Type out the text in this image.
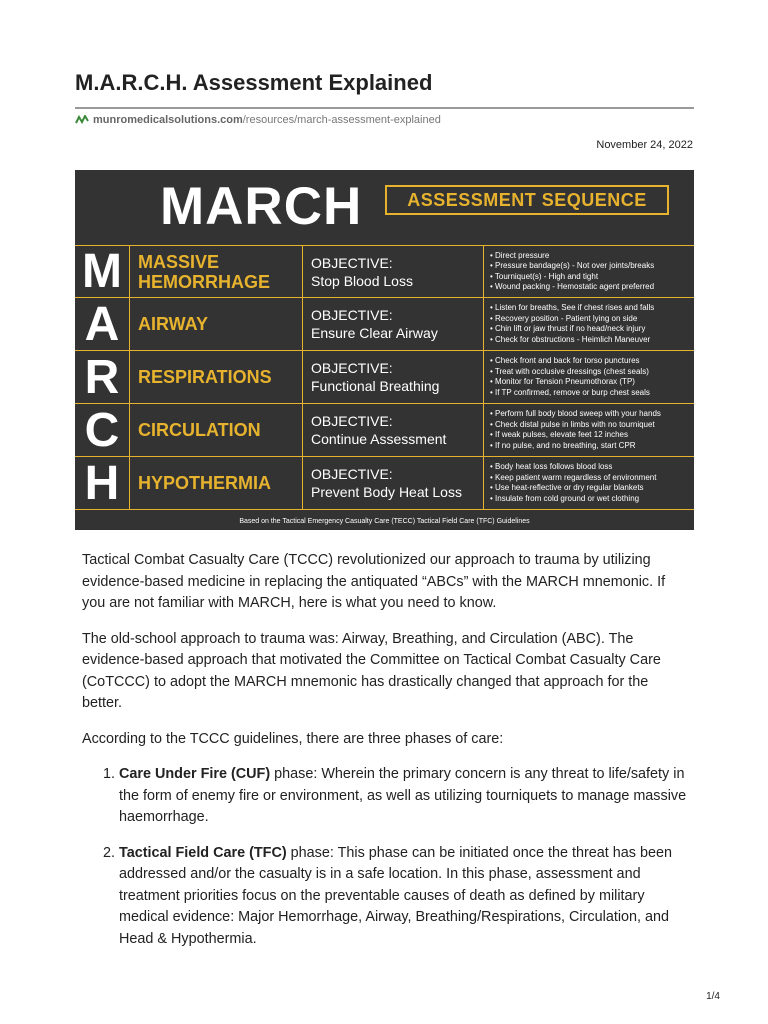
M.A.R.C.H. Assessment Explained
munromedicalsolutions.com/resources/march-assessment-explained
November 24, 2022
MARCH	ASSESSMENT SEQUENCE
M MASSIVE HEMORRHAGE
OBJECTIVE:
Stop Blood Loss
• Direct pressure
• Pressure bandage(s) - Not over joints/breaks
• Tourniquet(s) - High and tight
• Wound packing - Hemostatic agent preferred
A	AIRWAY	OBJECTIVE:
Ensure Clear Airway
• Listen for breaths, See if chest rises and falls
• Recovery position - Patient lying on side
• Chin lift or jaw thrust if no head/neck injury
• Check for obstructions - Heimlich Maneuver
R	RESPIRATIONS	OBJECTIVE:
Functional Breathing
• Check front and back for torso punctures
• Treat with occlusive dressings (chest seals)
• Monitor for Tension Pneumothorax (TP)
• If TP confirmed, remove or burp chest seals
C	CIRCULATION	OBJECTIVE:
Continue Assessment
• Perform full body blood sweep with your hands
• Check distal pulse in limbs with no tourniquet
• If weak pulses, elevate feet 12 inches
• If no pulse, and no breathing, start CPR
H	HYPOTHERMIA	OBJECTIVE:
Prevent Body Heat Loss
• Body heat loss follows blood loss
• Keep patient warm regardless of environment
• Use heat-reflective or dry regular blankets
• Insulate from cold ground or wet clothing
Based on the Tactical Emergency Casualty Care (TECC) Tactical Field Care (TFC) Guidelines

Tactical Combat Casualty Care (TCCC) revolutionized our approach to trauma by utilizing evidence-based medicine in replacing the antiquated “ABCs” with the MARCH mnemonic. If you are not familiar with MARCH, here is what you need to know.

The old-school approach to trauma was: Airway, Breathing, and Circulation (ABC). The evidence-based approach that motivated the Committee on Tactical Combat Casualty Care (CoTCCC) to adopt the MARCH mnemonic has drastically changed that approach for the better.

According to the TCCC guidelines, there are three phases of care:

1. Care Under Fire (CUF) phase: Wherein the primary concern is any threat to life/safety in the form of enemy fire or environment, as well as utilizing tourniquets to manage massive haemorrhage.
2. Tactical Field Care (TFC) phase: This phase can be initiated once the threat has been addressed and/or the casualty is in a safe location. In this phase, assessment and treatment priorities focus on the preventable causes of death as defined by military medical evidence: Major Hemorrhage, Airway, Breathing/Respirations, Circulation, and Head & Hypothermia.
1/4
